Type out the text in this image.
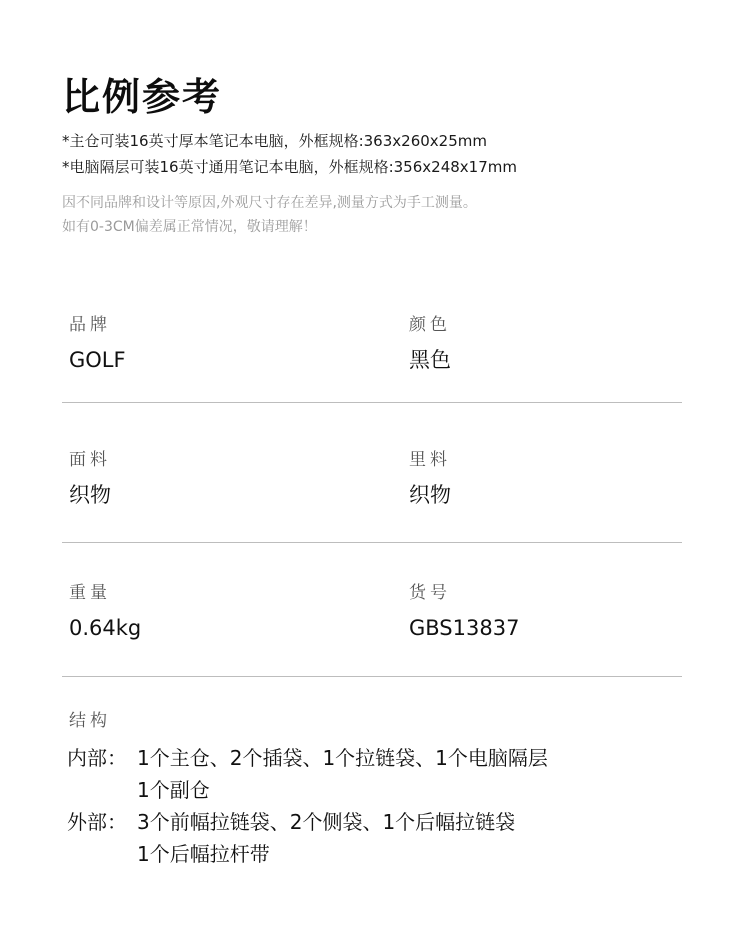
比例参考
*主仓可装16英寸厚本笔记本电脑，外框规格:363x260x25mm
*电脑隔层可装16英寸通用笔记本电脑，外框规格:356x248x17mm
因不同品牌和设计等原因,外观尺寸存在差异,测量方式为手工测量。
如有0-3CM偏差属正常情况，敬请理解！
品牌
GOLF
颜色
黑色
面料
织物
里料
织物
重量
0.64kg
货号
GBS13837
结构
内部： 1个主仓、2个插袋、1个拉链袋、1个电脑隔层
1个副仓
外部： 3个前幅拉链袋、2个侧袋、1个后幅拉链袋
1个后幅拉杆带
